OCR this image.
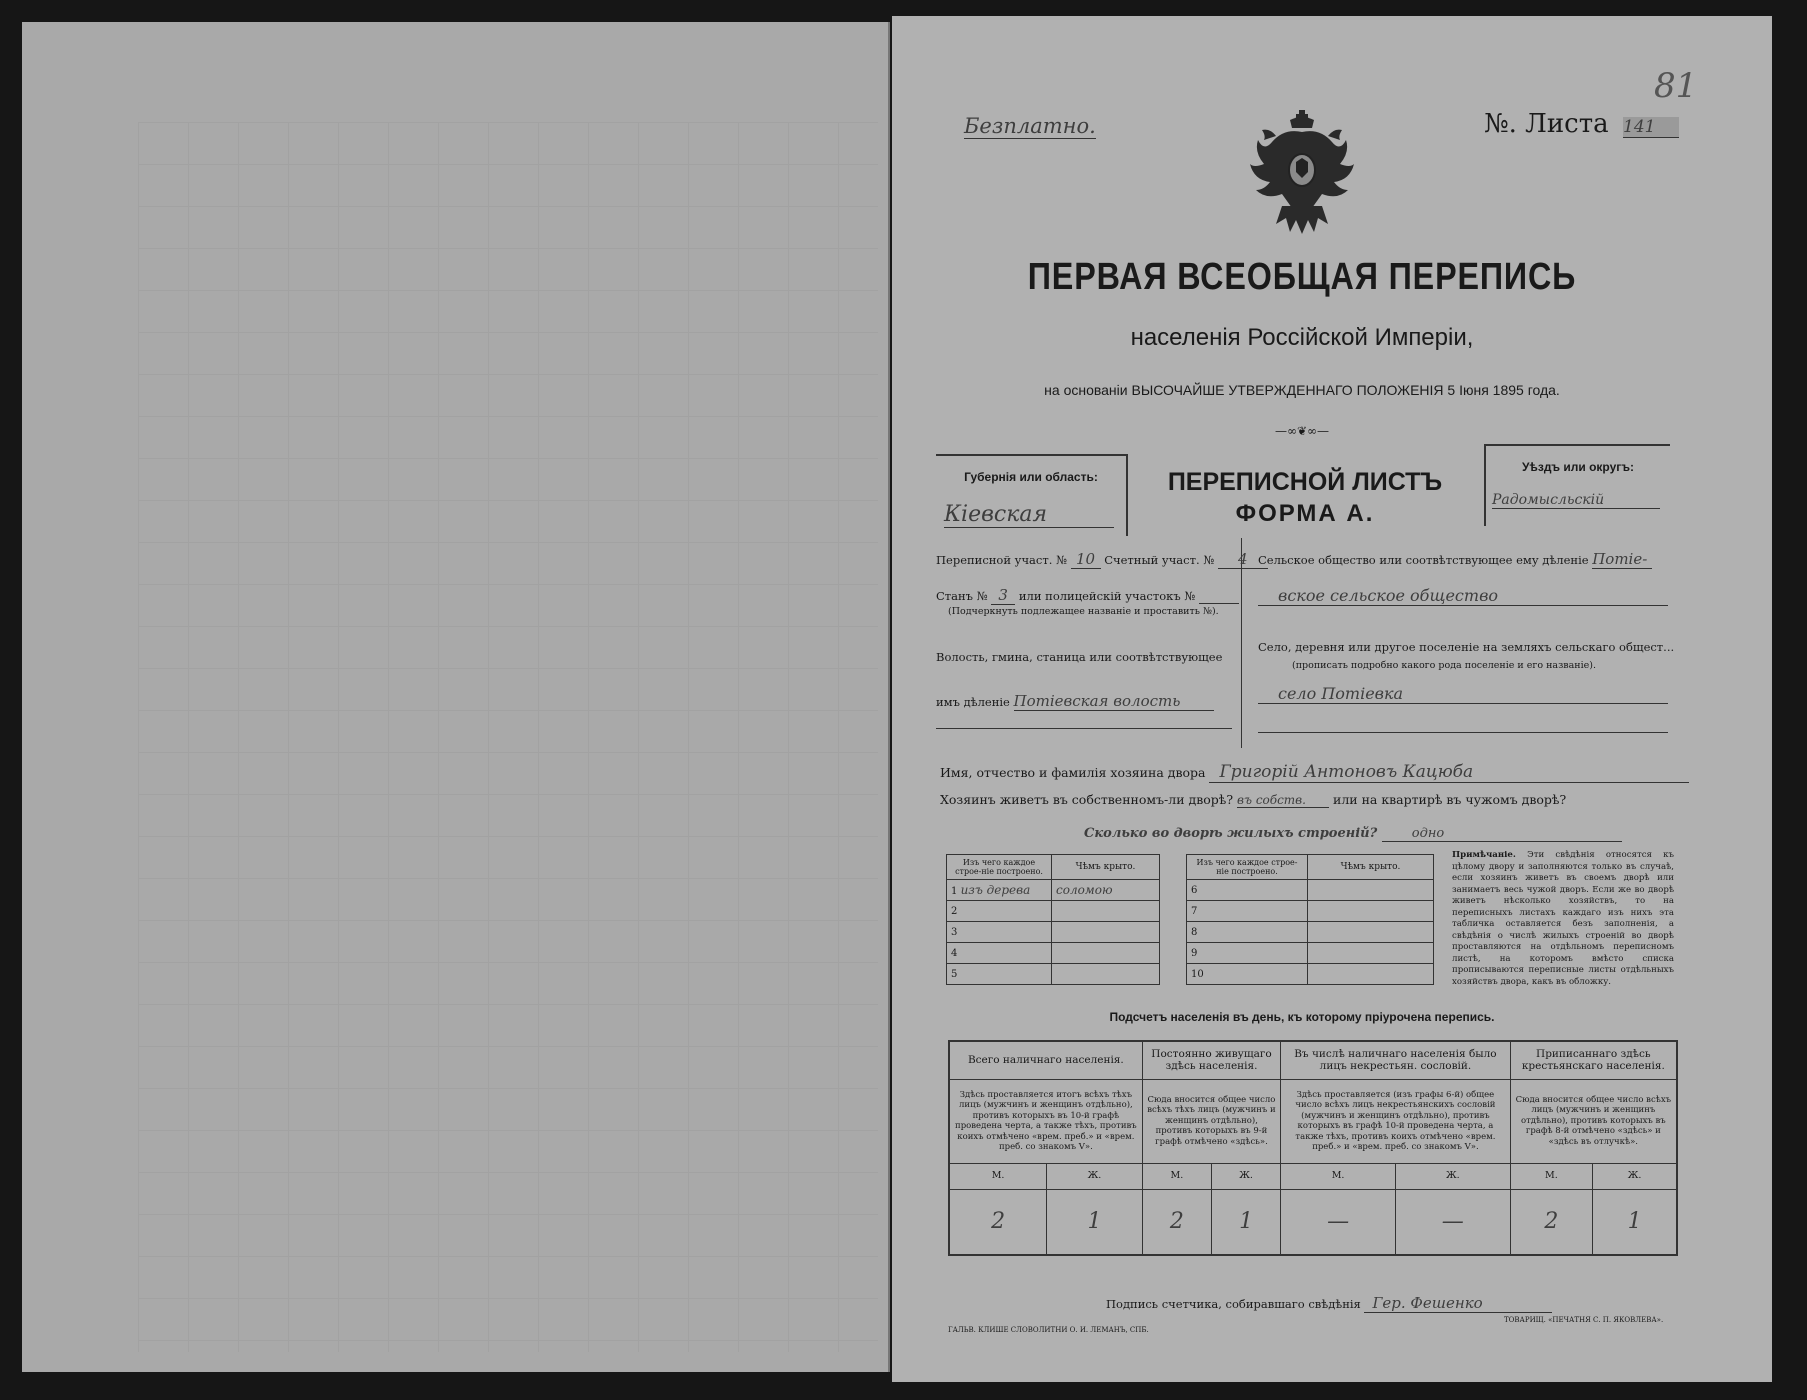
Безплатно.	№. Листа 141
81
ПЕРВАЯ ВСЕОБЩАЯ ПЕРЕПИСЬ
населенія Россійской Имперіи,
на основаніи ВЫСОЧАЙШЕ УТВЕРЖДЕННАГО ПОЛОЖЕНІЯ 5 Іюня 1895 года.
—∞❦∞—
Губернія или область:
Кіевская
ПЕРЕПИСНОЙ ЛИСТЪ
ФОРМА А.
Уѣздъ или округъ:
Радомысльскій
Переписной участ. № 10 Счетный участ. № 4
Станъ № 3 или полицейскій участокъ №
(Подчеркнуть подлежащее названіе и проставить №).
Волость, гмина, станица или соотвѣтствующее
имъ дѣленіе Потіевская волость
Сельское общество или соотвѣтствующее ему дѣленіе Потіе-
вское сельское общество
Село, деревня или другое поселеніе на земляхъ сельскаго общест...
(прописать подробно какого рода поселеніе и его названіе).
село Потіевка
Имя, отчество и фамилія хозяина двора Григорій Антоновъ Кацюба
Хозяинъ живетъ въ собственномъ-ли дворѣ? въ собств. или на квартирѣ въ чужомъ дворѣ?
Сколько во дворѣ жилыхъ строеній?	одно
Изъ чего каждое строе-ніе построено.	Чѣмъ крыто.
1 изъ дерева	соломою
2	
3	
4	
5	
Изъ чего каждое строе-ніе построено.	Чѣмъ крыто.
6	
7	
8	
9	
10	
Примѣчаніе. Эти свѣдѣнія относятся къ цѣлому двору и заполняются только въ случаѣ, если хозяинъ живетъ въ своемъ дворѣ или занимаетъ весь чужой дворъ. Если же во дворѣ живетъ нѣсколько хозяйствъ, то на переписныхъ листахъ каждаго изъ нихъ эта табличка оставляется безъ заполненія, а свѣдѣнія о числѣ жилыхъ строеній во дворѣ проставляются на отдѣльномъ переписномъ листѣ, на которомъ вмѣсто списка прописываются переписные листы отдѣльныхъ хозяйствъ двора, какъ въ обложку.
Подсчетъ населенія въ день, къ которому пріурочена перепись.
Всего наличнаго населенія.		Постоянно живущаго здѣсь населенія.		Въ числѣ наличнаго населенія было лицъ некрестьян. сословій.		Приписаннаго здѣсь крестьянскаго населенія.	
Здѣсь проставляется итогъ всѣхъ тѣхъ лицъ (мужчинъ и женщинъ отдѣльно), противъ которыхъ въ 10-й графѣ проведена черта, а также тѣхъ, противъ коихъ отмѣчено «врем. преб.» и «врем. преб. со знакомъ V».		Сюда вносится общее число всѣхъ тѣхъ лицъ (мужчинъ и женщинъ отдѣльно), противъ которыхъ въ 9-й графѣ отмѣчено «здѣсь».		Здѣсь проставляется (изъ графы 6-й) общее число всѣхъ лицъ некрестьянскихъ сословій (мужчинъ и женщинъ отдѣльно), противъ которыхъ въ графѣ 10-й проведена черта, а также тѣхъ, противъ коихъ отмѣчено «врем. преб.» и «врем. преб. со знакомъ V».		Сюда вносится общее число всѣхъ лицъ (мужчинъ и женщинъ отдѣльно), противъ которыхъ въ графѣ 8-й отмѣчено «здѣсь» и «здѣсь въ отлучкѣ».	
М.	Ж.	М.	Ж.	М.	Ж.	М.	Ж.
2	1	2	1	—	—	2	1
Подпись счетчика, собиравшаго свѣдѣнія Гер. Фешенко
ГАЛЬВ. КЛИШЕ СЛОВОЛИТНИ О. И. ЛЕМАНЪ, СПБ.
ТОВАРИЩ. «ПЕЧАТНЯ С. П. ЯКОВЛЕВА».
